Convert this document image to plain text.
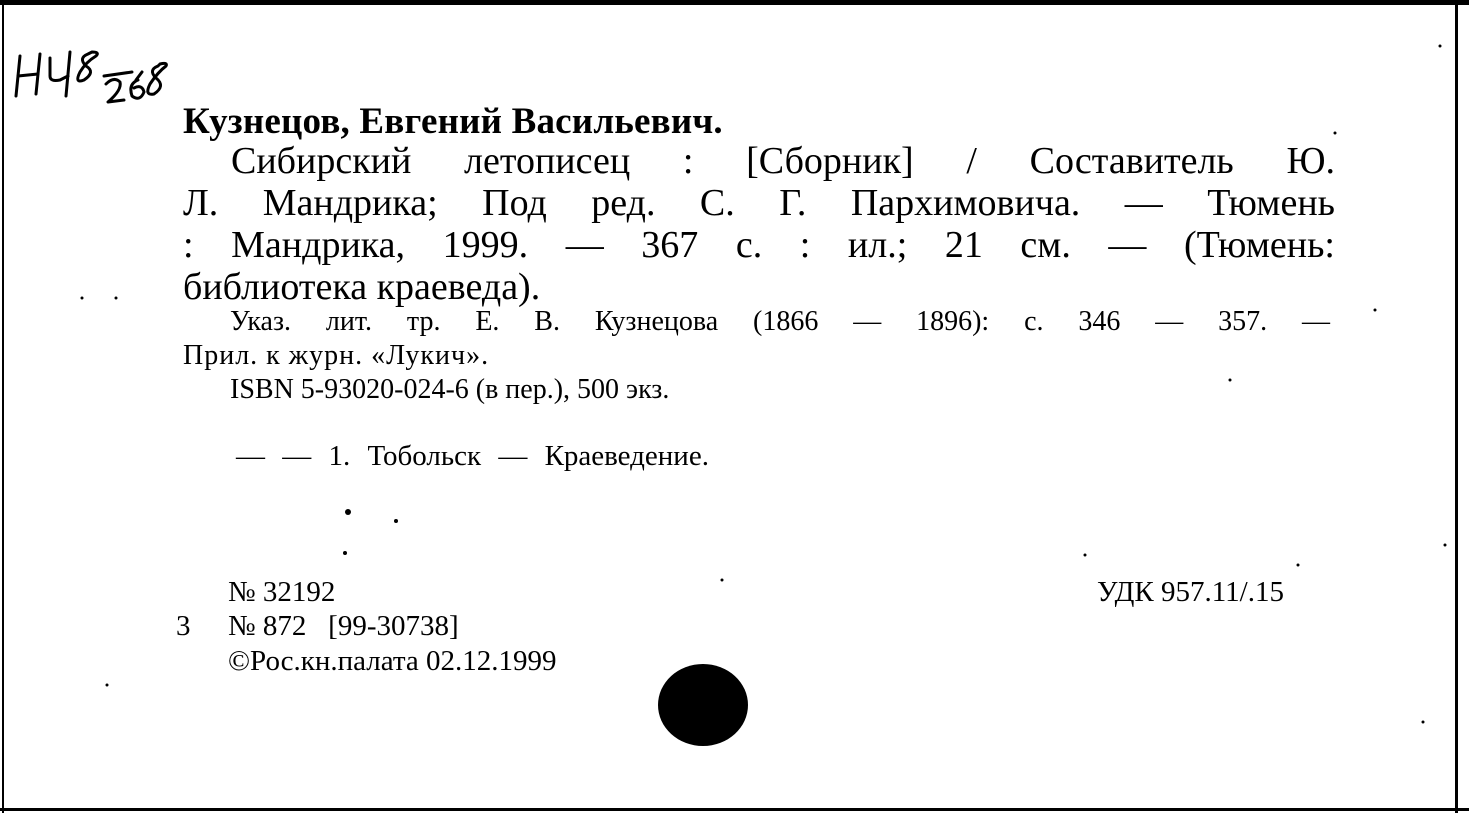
Кузнецов, Евгений Васильевич.
Сибирский летописец : [Сборник] / Составитель Ю.
Л. Мандрика; Под ред. С. Г. Пархимовича. — Тюмень
: Мандрика, 1999. — 367 с. : ил.; 21 см. — (Тюмень:
библиотека краеведа).
Указ. лит. тр. Е. В. Кузнецова (1866 — 1896): с. 346 — 357. —
Прил. к журн. «Лукич».
ISBN 5-93020-024-6 (в пер.), 500 экз.
— — 1. Тобольск — Краеведение.
№ 32192
3 № 872   [99-30738]
©Рос.кн.палата 02.12.1999
УДК 957.11/.15
